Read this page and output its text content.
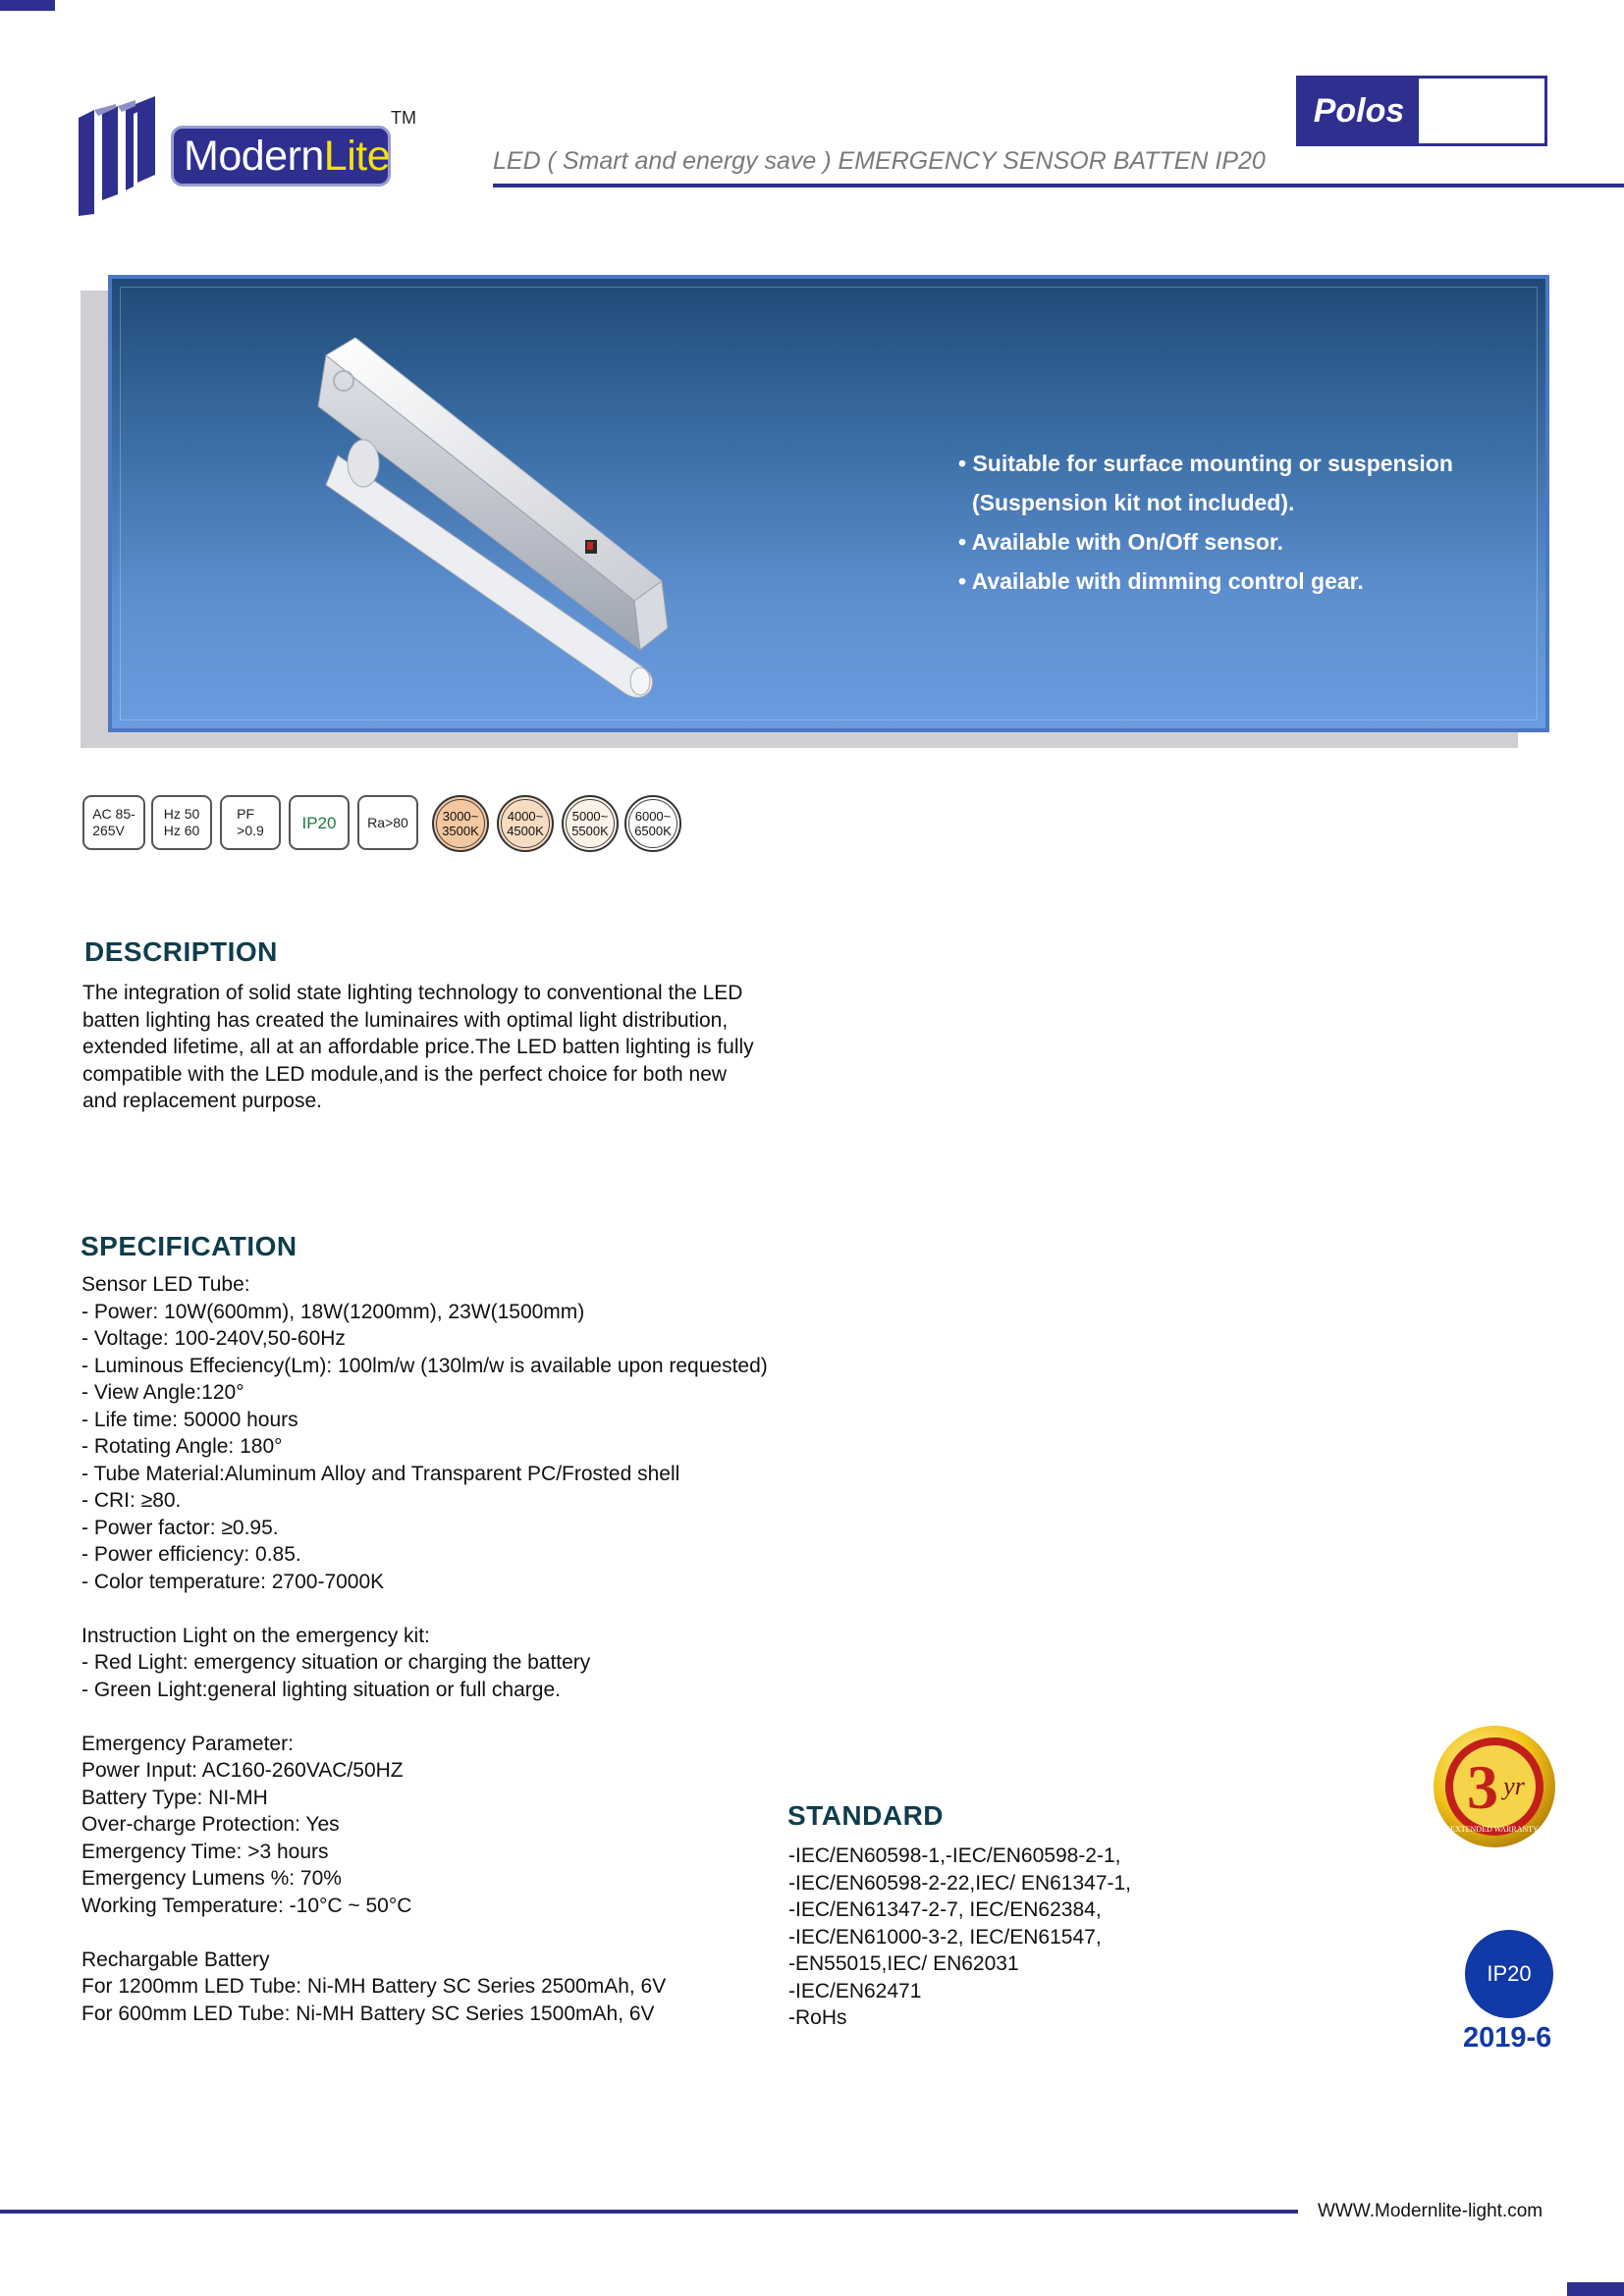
ModernLite
TM	Polos
LED ( Smart and energy save ) EMERGENCY SENSOR BATTEN IP20
• Suitable for surface mounting or suspension
(Suspension kit not included).
• Available with On/Off sensor.
• Available with dimming control gear.
AC 85-
265V
Hz 50
Hz 60
PF
>0.9	IP20	Ra>80	3000~
3500K
4000~
4500K
5000~
5500K
6000~
6500K
DESCRIPTION
The integration of solid state lighting technology to conventional the LED
batten lighting has created the luminaires with optimal light distribution,
extended lifetime, all at an affordable price.The LED batten lighting is fully
compatible with the LED module,and is the perfect choice for both new
and replacement purpose.
SPECIFICATION
Sensor LED Tube:
- Power: 10W(600mm), 18W(1200mm), 23W(1500mm)
- Voltage: 100-240V,50-60Hz
- Luminous Effeciency(Lm): 100lm/w (130lm/w is available upon requested)
- View Angle:120°
- Life time: 50000 hours
- Rotating Angle: 180°
- Tube Material:Aluminum Alloy and Transparent PC/Frosted shell
- CRI: ≥80.
- Power factor: ≥0.95.
- Power efficiency: 0.85.
- Color temperature: 2700-7000K
Instruction Light on the emergency kit:
- Red Light: emergency situation or charging the battery
- Green Light:general lighting situation or full charge.
Emergency Parameter:
Power Input: AC160-260VAC/50HZ
Battery Type: NI-MH
Over-charge Protection: Yes
Emergency Time: >3 hours
Emergency Lumens %: 70%
Working Temperature: -10°C ~ 50°C
Rechargable Battery
For 1200mm LED Tube: Ni-MH Battery SC Series 2500mAh, 6V
For 600mm LED Tube: Ni-MH Battery SC Series 1500mAh, 6V
STANDARD
-IEC/EN60598-1,-IEC/EN60598-2-1,
-IEC/EN60598-2-22,IEC/ EN61347-1,
-IEC/EN61347-2-7, IEC/EN62384,
-IEC/EN61000-3-2, IEC/EN61547,
-EN55015,IEC/ EN62031
-IEC/EN62471
-RoHs
3 yr
EXTENDED WARRANTY
IP20
2019-6
WWW.Modernlite-light.com
